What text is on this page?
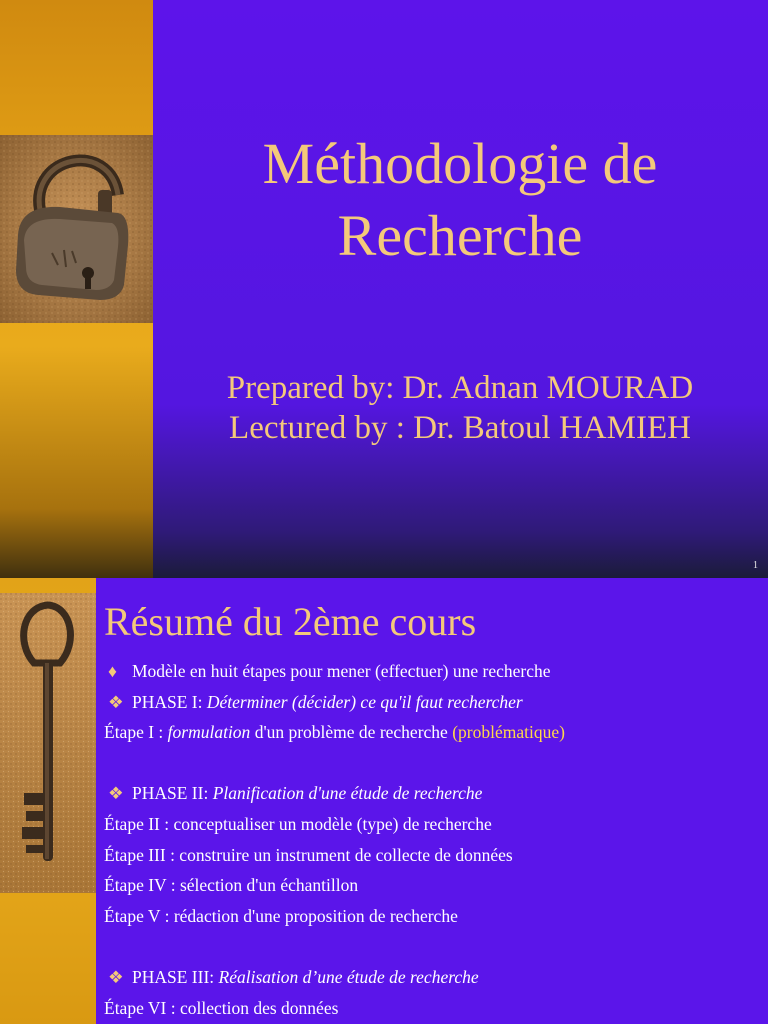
Méthodologie de
Recherche
Prepared by: Dr. Adnan MOURAD
Lectured by : Dr. Batoul HAMIEH
1
Résumé du 2ème cours
♦ Modèle en huit étapes pour mener (effectuer) une recherche
❖ PHASE I: Déterminer (décider) ce qu'il faut rechercher
Étape I : formulation d'un problème de recherche (problématique)
❖ PHASE II: Planification d'une étude de recherche
Étape II : conceptualiser un modèle (type) de recherche
Étape III : construire un instrument de collecte de données
Étape IV : sélection d'un échantillon
Étape V : rédaction d'une proposition de recherche
❖ PHASE III: Réalisation d’une étude de recherche
Étape VI : collection des données
